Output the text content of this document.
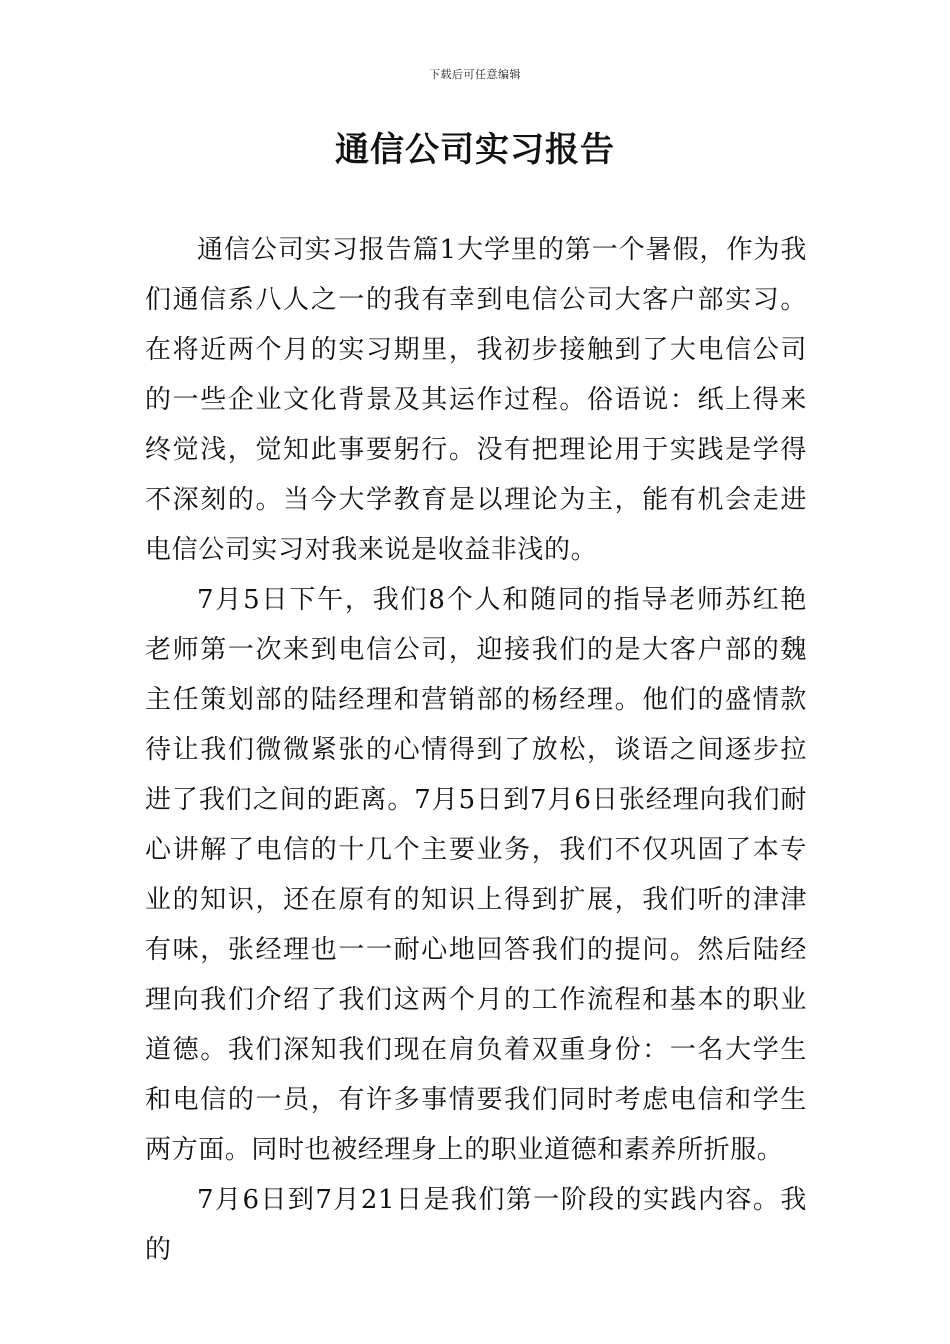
下载后可任意编辑
通信公司实习报告

通信公司实习报告篇1大学里的第一个暑假，作为我们通信系八人之一的我有幸到电信公司大客户部实习。在将近两个月的实习期里，我初步接触到了大电信公司的一些企业文化背景及其运作过程。俗语说：纸上得来终觉浅，觉知此事要躬行。没有把理论用于实践是学得不深刻的。当今大学教育是以理论为主，能有机会走进电信公司实习对我来说是收益非浅的。

7月5日下午，我们8个人和随同的指导老师苏红艳老师第一次来到电信公司，迎接我们的是大客户部的魏主任策划部的陆经理和营销部的杨经理。他们的盛情款待让我们微微紧张的心情得到了放松，谈语之间逐步拉进了我们之间的距离。7月5日到7月6日张经理向我们耐心讲解了电信的十几个主要业务，我们不仅巩固了本专业的知识，还在原有的知识上得到扩展，我们听的津津有味，张经理也一一耐心地回答我们的提问。然后陆经理向我们介绍了我们这两个月的工作流程和基本的职业道德。我们深知我们现在肩负着双重身份：一名大学生和电信的一员，有许多事情要我们同时考虑电信和学生两方面。同时也被经理身上的职业道德和素养所折服。

7月6日到7月21日是我们第一阶段的实践内容。我的
